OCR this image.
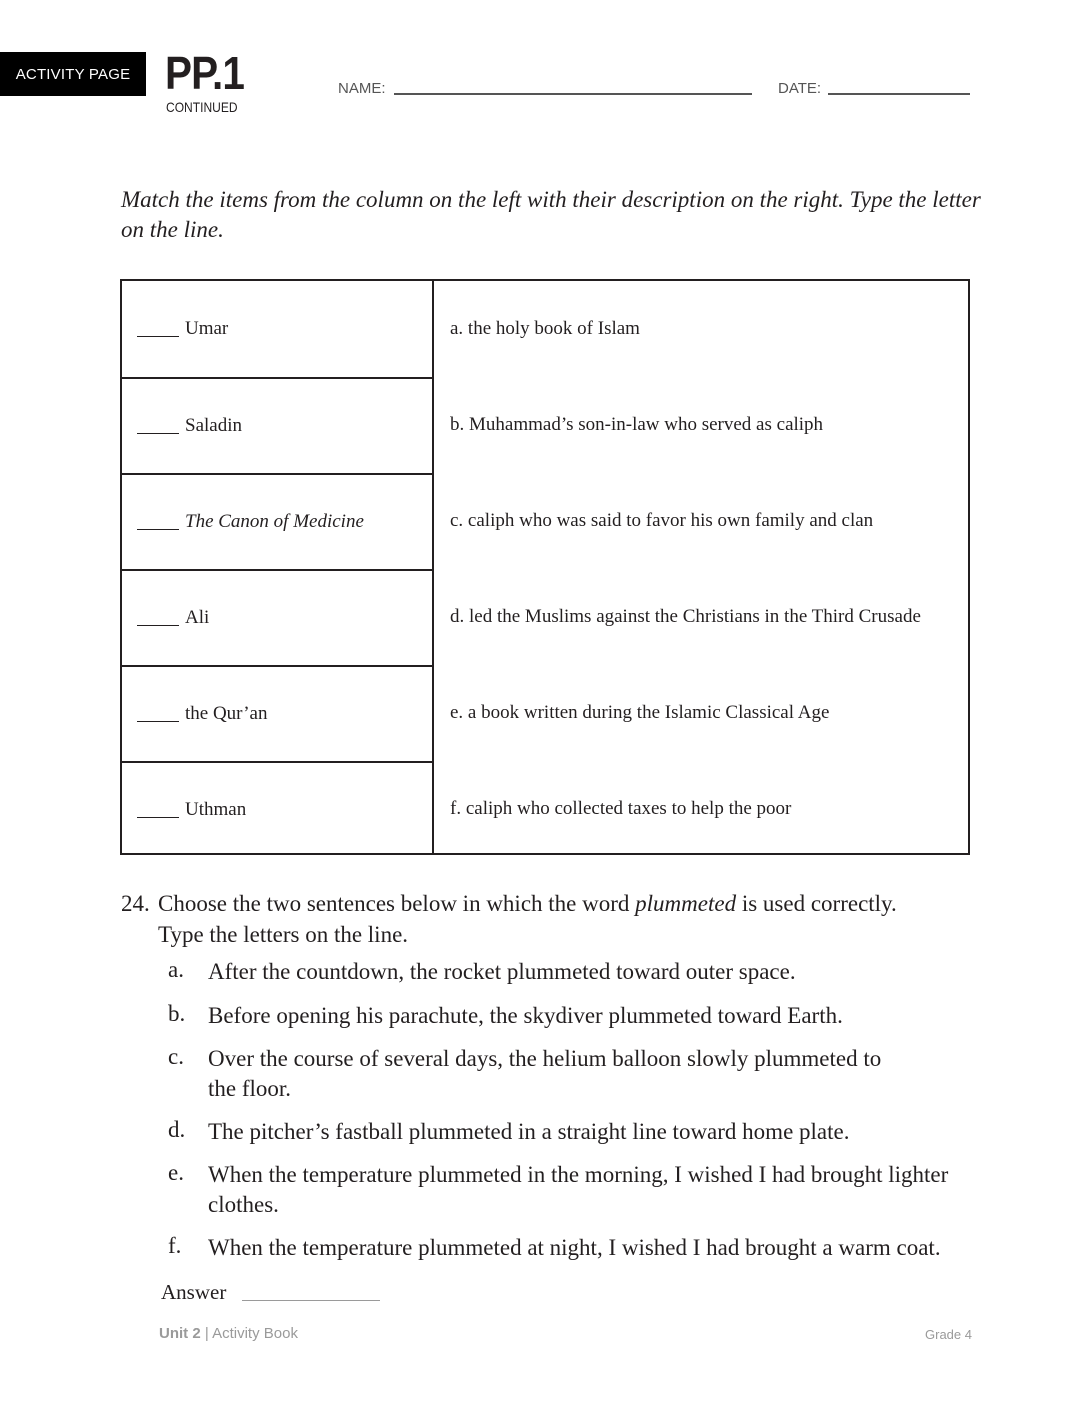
ACTIVITY PAGE PP.1
CONTINUED
NAME:	DATE:
Match the items from the column on the left with their description on the right. Type the letter on the line.
Umar
Saladin
The Canon of Medicine
Ali
the Qur’an
Uthman
a. the holy book of Islam
b. Muhammad’s son-in-law who served as caliph
c. caliph who was said to favor his own family and clan
d. led the Muslims against the Christians in the Third Crusade
e. a book written during the Islamic Classical Age
f. caliph who collected taxes to help the poor
24. Choose the two sentences below in which the word plummeted is used correctly.
Type the letters on the line.
a. After the countdown, the rocket plummeted toward outer space.
b. Before opening his parachute, the skydiver plummeted toward Earth.
c. Over the course of several days, the helium balloon slowly plummeted to the floor.
d. The pitcher’s fastball plummeted in a straight line toward home plate.
e. When the temperature plummeted in the morning, I wished I had brought lighter clothes.
f. When the temperature plummeted at night, I wished I had brought a warm coat.
Answer
Unit 2 | Activity Book	Grade 4
